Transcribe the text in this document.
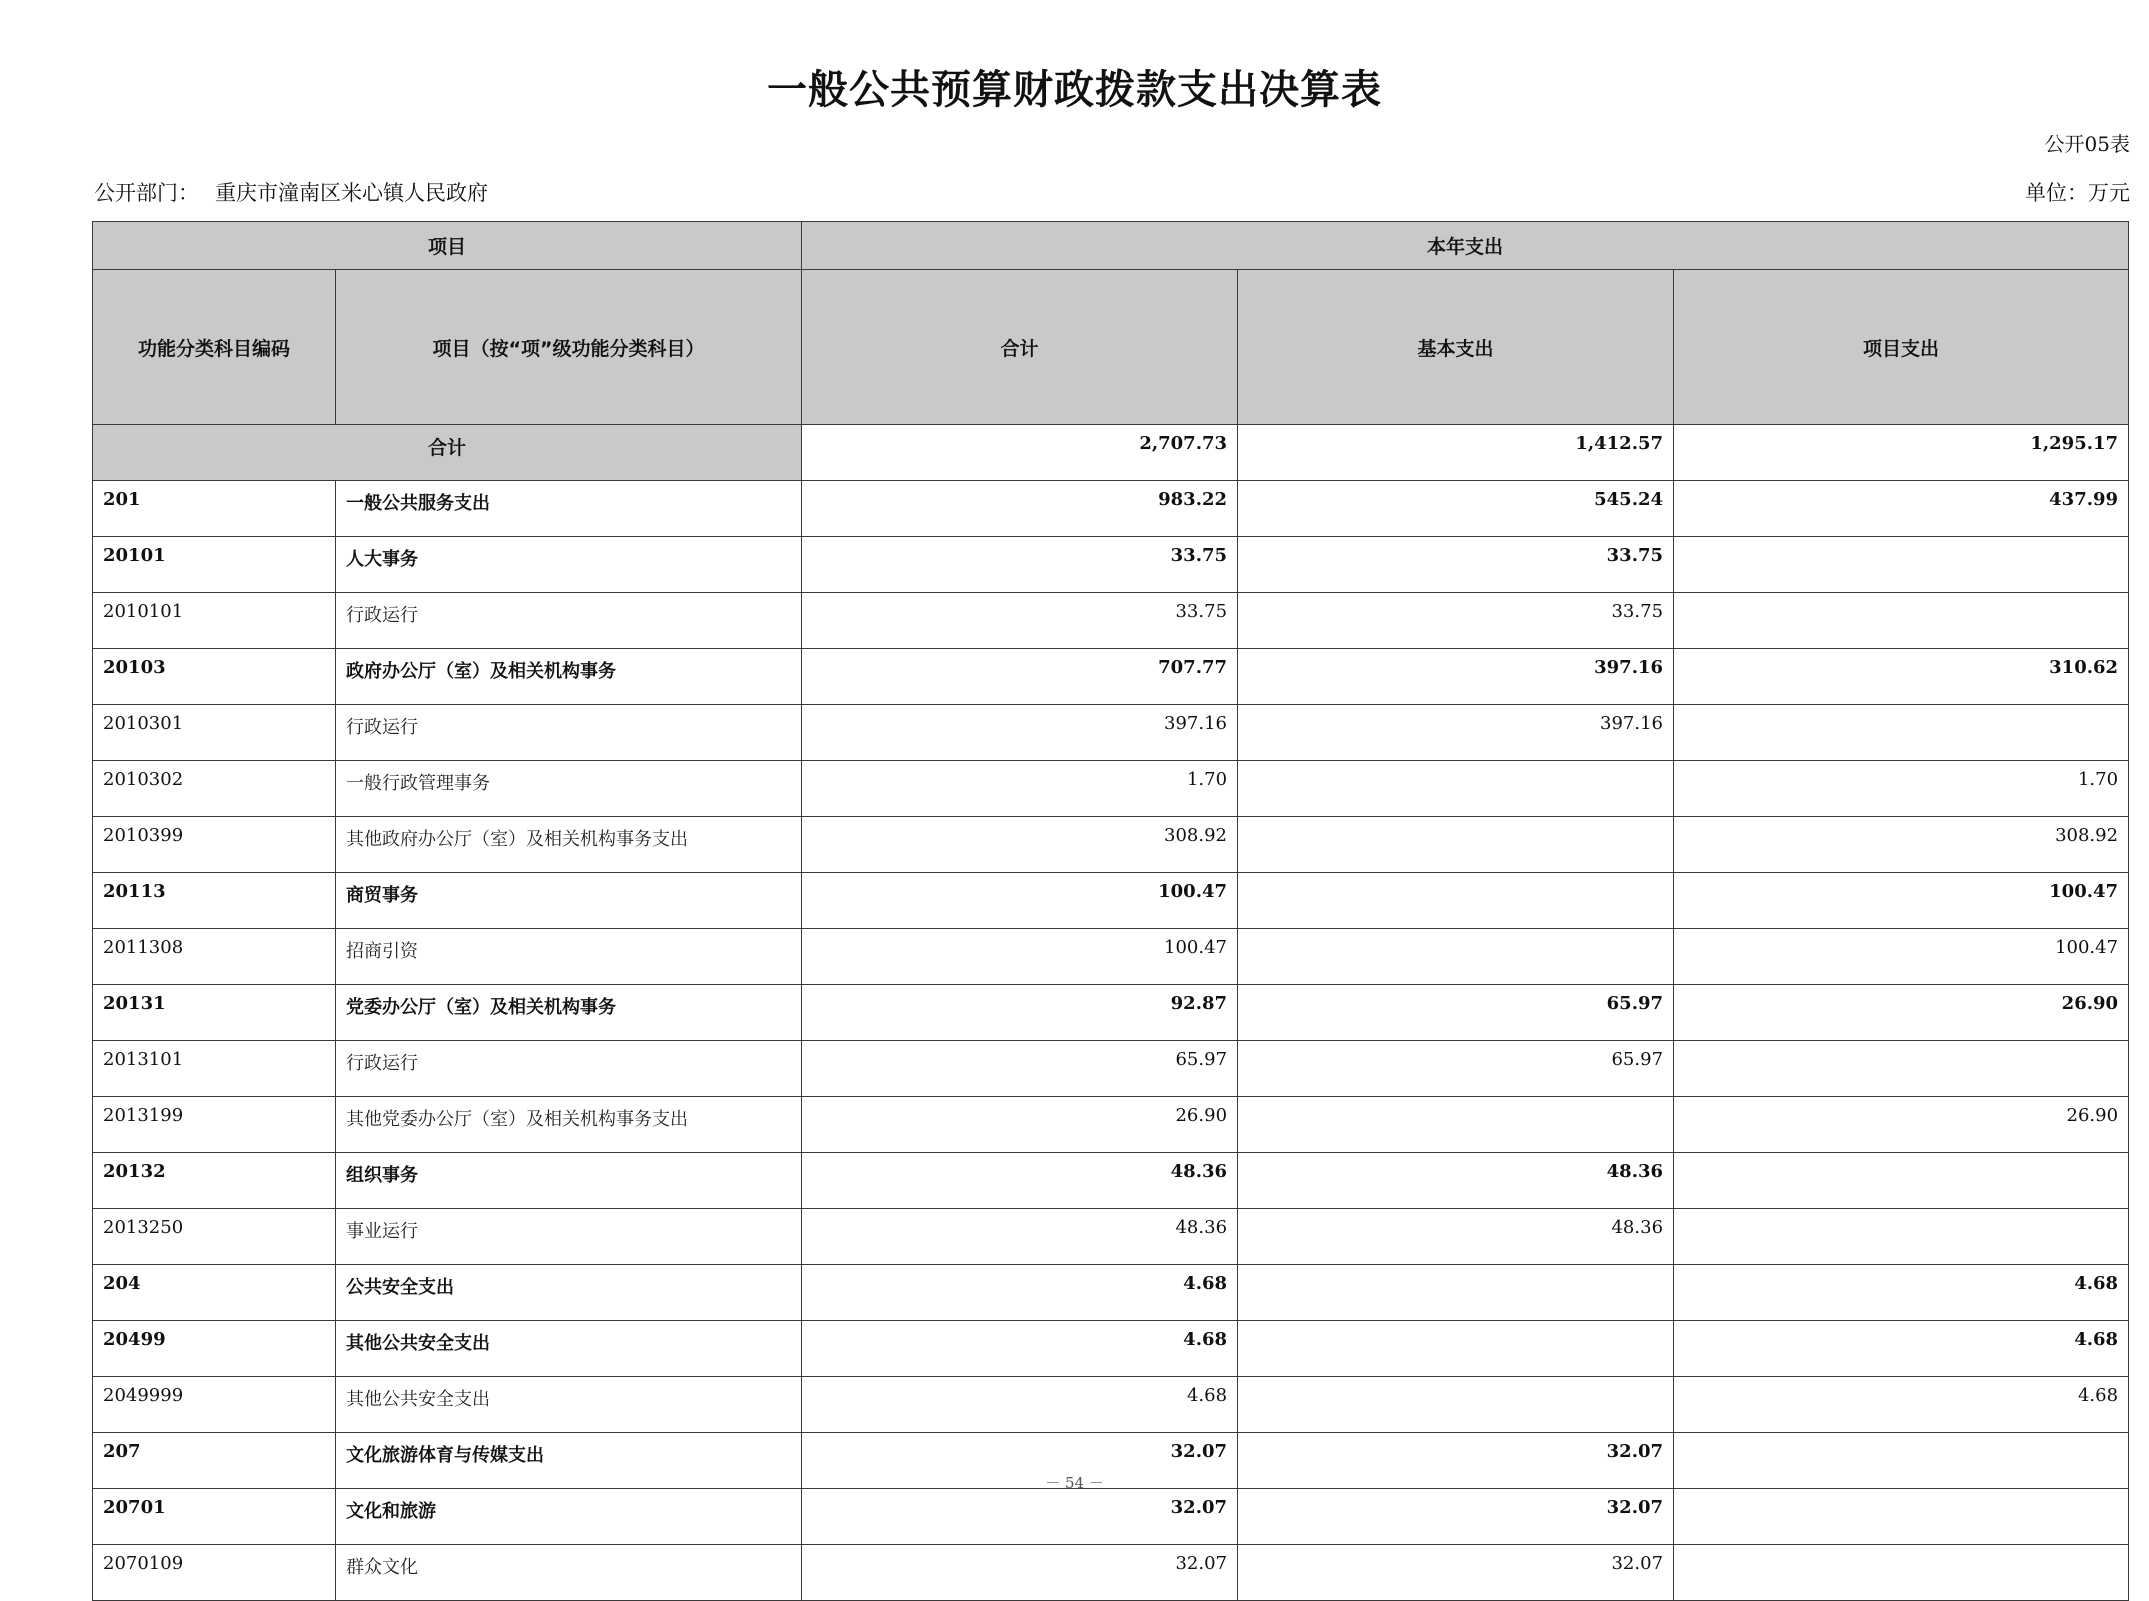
一般公共预算财政拨款支出决算表
公开05表
公开部门： 重庆市潼南区米心镇人民政府	单位：万元
项目		本年支出		
功能分类科目编码	项目（按“项”级功能分类科目）	合计	基本支出	项目支出
合计		2,707.73	1,412.57	1,295.17
201	一般公共服务支出	983.22	545.24	437.99
20101	人大事务	33.75	33.75	
2010101	行政运行	33.75	33.75	
20103	政府办公厅（室）及相关机构事务	707.77	397.16	310.62
2010301	行政运行	397.16	397.16	
2010302	一般行政管理事务	1.70		1.70
2010399	其他政府办公厅（室）及相关机构事务支出	308.92		308.92
20113	商贸事务	100.47		100.47
2011308	招商引资	100.47		100.47
20131	党委办公厅（室）及相关机构事务	92.87	65.97	26.90
2013101	行政运行	65.97	65.97	
2013199	其他党委办公厅（室）及相关机构事务支出	26.90		26.90
20132	组织事务	48.36	48.36	
2013250	事业运行	48.36	48.36	
204	公共安全支出	4.68		4.68
20499	其他公共安全支出	4.68		4.68
2049999	其他公共安全支出	4.68		4.68
207	文化旅游体育与传媒支出	32.07	32.07	
20701	文化和旅游	32.07	32.07	
2070109	群众文化	32.07	32.07	
－ 54 －
